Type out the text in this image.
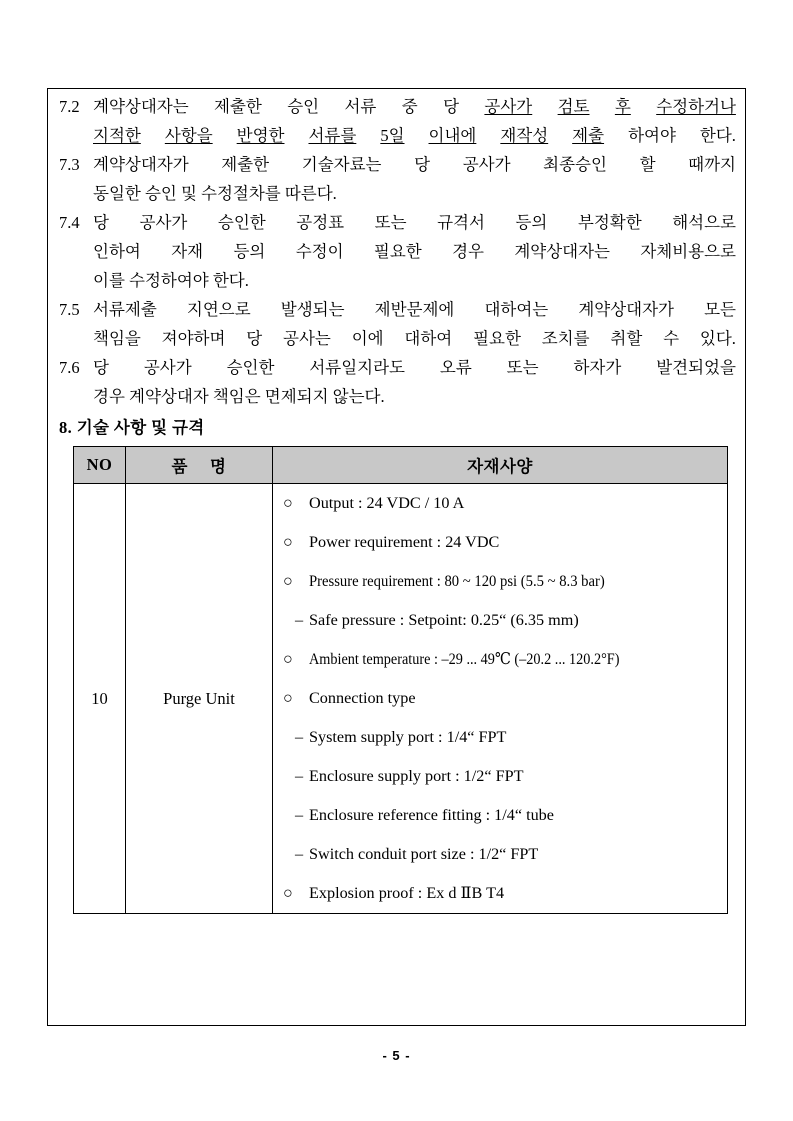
7.2 계약상대자는 제출한 승인 서류 중 당 공사가 검토 후 수정하거나
지적한 사항을 반영한 서류를 5일 이내에 재작성 제출 하여야 한다.
7.3 계약상대자가 제출한 기술자료는 당 공사가 최종승인 할 때까지
동일한 승인 및 수정절차를 따른다.
7.4 당 공사가 승인한 공정표 또는 규격서 등의 부정확한 해석으로
인하여 자재 등의 수정이 필요한 경우 계약상대자는 자체비용으로
이를 수정하여야 한다.
7.5 서류제출 지연으로 발생되는 제반문제에 대하여는 계약상대자가 모든
책임을 져야하며 당 공사는 이에 대하여 필요한 조치를 취할 수 있다.
7.6 당 공사가 승인한 서류일지라도 오류 또는 하자가 발견되었을
경우 계약상대자 책임은 면제되지 않는다.
8. 기술 사항 및 규격
NO	품 명	자재사양
10	Purge Unit	
○	Output : 24 VDC / 10 A
○	Power requirement : 24 VDC
○	Pressure requirement : 80 ~ 120 psi (5.5 ~ 8.3 bar)
– Safe pressure : Setpoint: 0.25“ (6.35 mm)
○	Ambient temperature : –29 ... 49℃ (–20.2 ... 120.2°F)
○	Connection type
– System supply port : 1/4“ FPT
– Enclosure supply port : 1/2“ FPT
– Enclosure reference fitting : 1/4“ tube
– Switch conduit port size : 1/2“ FPT
○	Explosion proof : Ex d ⅡB T4
- 5 -
